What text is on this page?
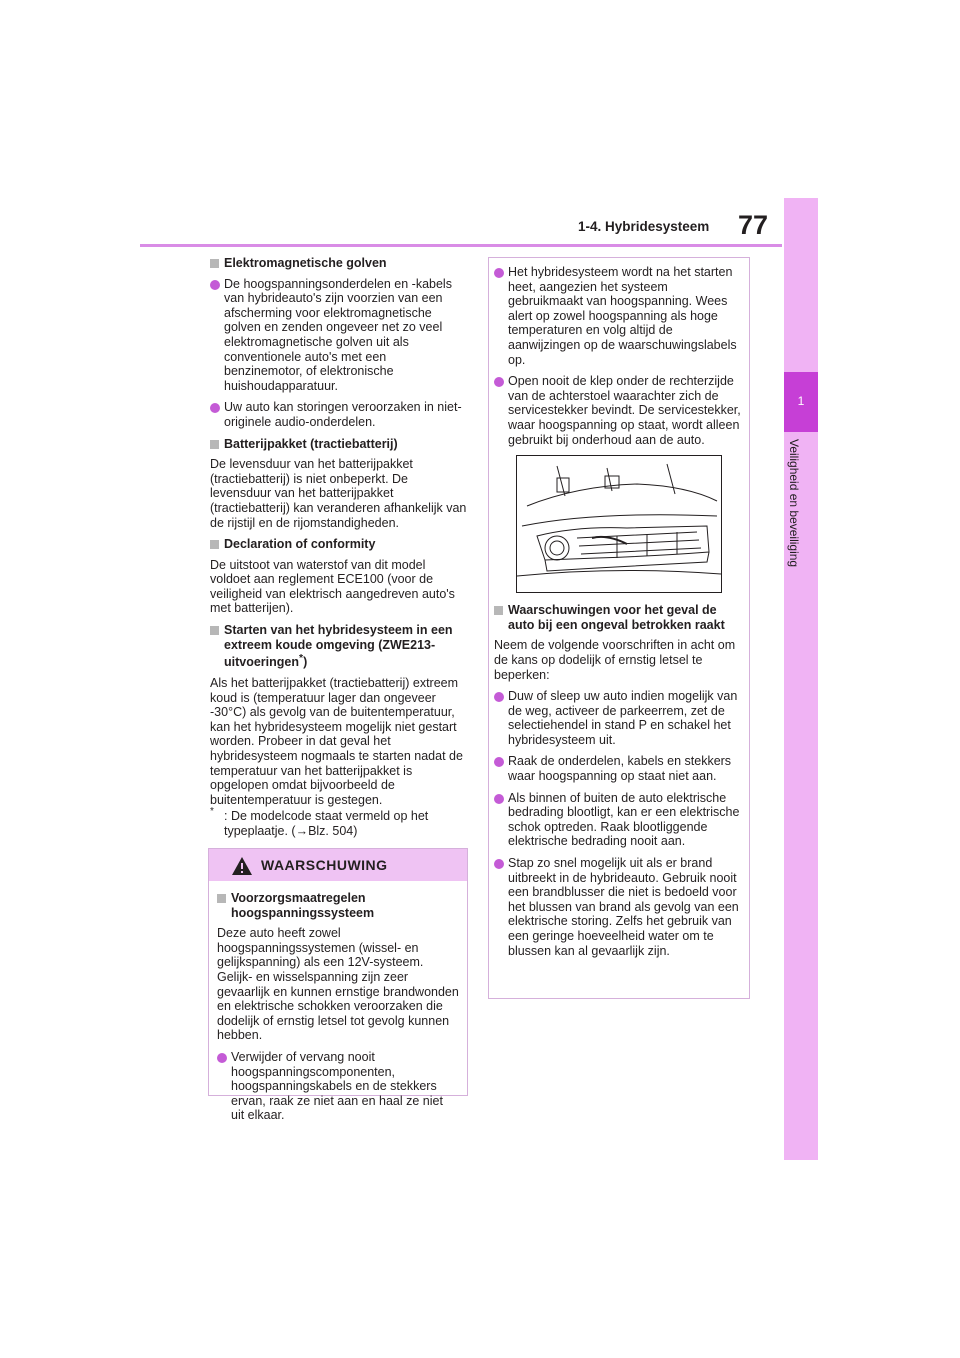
77
1-4. Hybridesysteem
1
Veiligheid en beveiliging
Elektromagnetische golven
De hoogspanningsonderdelen en -kabels van hybrideauto's zijn voorzien van een afscherming voor elektromagnetische golven en zenden ongeveer net zo veel elektromagnetische golven uit als conventionele auto's met een benzinemotor, of elektronische huishoudapparatuur.
Uw auto kan storingen veroorzaken in niet-originele audio-onderdelen.
Batterijpakket (tractiebatterij)
De levensduur van het batterijpakket (tractiebatterij) is niet onbeperkt. De levensduur van het batterijpakket (tractiebatterij) kan veranderen afhankelijk van de rijstijl en de rijomstandigheden.
Declaration of conformity
De uitstoot van waterstof van dit model voldoet aan reglement ECE100 (voor de veiligheid van elektrisch aangedreven auto's met batterijen).
Starten van het hybridesysteem in een extreem koude omgeving (ZWE213-uitvoeringen*)
Als het batterijpakket (tractiebatterij) extreem koud is (temperatuur lager dan ongeveer -30°C) als gevolg van de buitentemperatuur, kan het hybridesysteem mogelijk niet gestart worden. Probeer in dat geval het hybridesysteem nogmaals te starten nadat de temperatuur van het batterijpakket is opgelopen omdat bijvoorbeeld de buitentemperatuur is gestegen.
* : De modelcode staat vermeld op het typeplaatje. (→Blz. 504)
WAARSCHUWING
Voorzorgsmaatregelen hoogspanningssysteem
Deze auto heeft zowel hoogspanningssystemen (wissel- en gelijkspanning) als een 12V-systeem. Gelijk- en wisselspanning zijn zeer gevaarlijk en kunnen ernstige brandwonden en elektrische schokken veroorzaken die dodelijk of ernstig letsel tot gevolg kunnen hebben.
Verwijder of vervang nooit hoogspanningscomponenten, hoogspanningskabels en de stekkers ervan, raak ze niet aan en haal ze niet uit elkaar.
Het hybridesysteem wordt na het starten heet, aangezien het systeem gebruikmaakt van hoogspanning. Wees alert op zowel hoogspanning als hoge temperaturen en volg altijd de aanwijzingen op de waarschuwingslabels op.
Open nooit de klep onder de rechterzijde van de achterstoel waarachter zich de servicestekker bevindt. De servicestekker, waar hoogspanning op staat, wordt alleen gebruikt bij onderhoud aan de auto.
Waarschuwingen voor het geval de auto bij een ongeval betrokken raakt
Neem de volgende voorschriften in acht om de kans op dodelijk of ernstig letsel te beperken:
Duw of sleep uw auto indien mogelijk van de weg, activeer de parkeerrem, zet de selectiehendel in stand P en schakel het hybridesysteem uit.
Raak de onderdelen, kabels en stekkers waar hoogspanning op staat niet aan.
Als binnen of buiten de auto elektrische bedrading blootligt, kan er een elektrische schok optreden. Raak blootliggende elektrische bedrading nooit aan.
Stap zo snel mogelijk uit als er brand uitbreekt in de hybrideauto. Gebruik nooit een brandblusser die niet is bedoeld voor het blussen van brand als gevolg van een elektrische storing. Zelfs het gebruik van een geringe hoeveelheid water om te blussen kan al gevaarlijk zijn.
